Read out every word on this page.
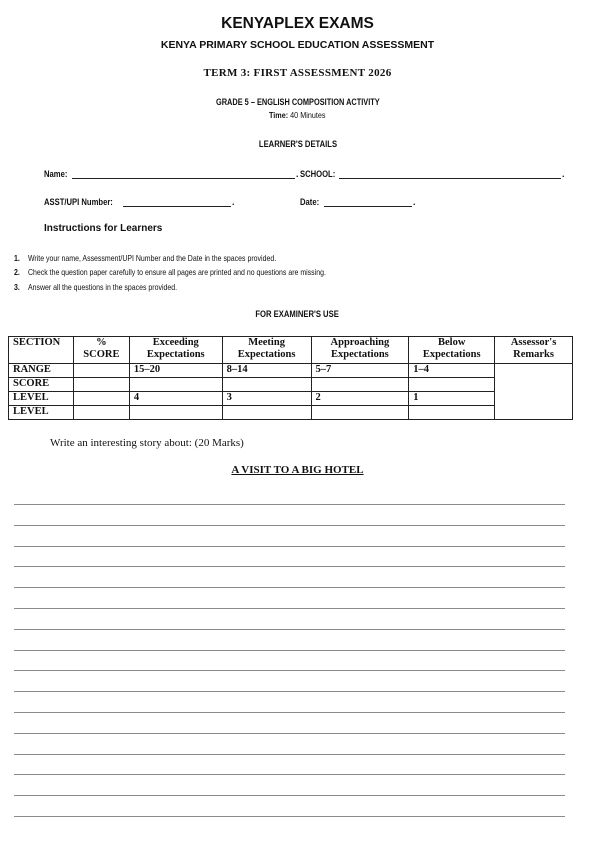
KENYAPLEX EXAMS
KENYA PRIMARY SCHOOL EDUCATION ASSESSMENT
TERM 3: FIRST ASSESSMENT 2026
GRADE 5 – ENGLISH COMPOSITION ACTIVITY
Time: 40 Minutes
LEARNER'S DETAILS
Name:	. SCHOOL:	.
ASST/UPI Number:	.	Date:	.
Instructions for Learners
1. Write your name, Assessment/UPI Number and the Date in the spaces provided.
2. Check the question paper carefully to ensure all pages are printed and no questions are missing.
3. Answer all the questions in the spaces provided.
FOR EXAMINER'S USE
SECTION	% SCORE	Exceeding Expectations	Meeting Expectations	Approaching Expectations	Below Expectations	Assessor's Remarks
RANGE		15–20	8–14	5–7	1–4	
SCORE						
LEVEL		4	3	2	1	
LEVEL						
Write an interesting story about: (20 Marks)
A VISIT TO A BIG HOTEL
